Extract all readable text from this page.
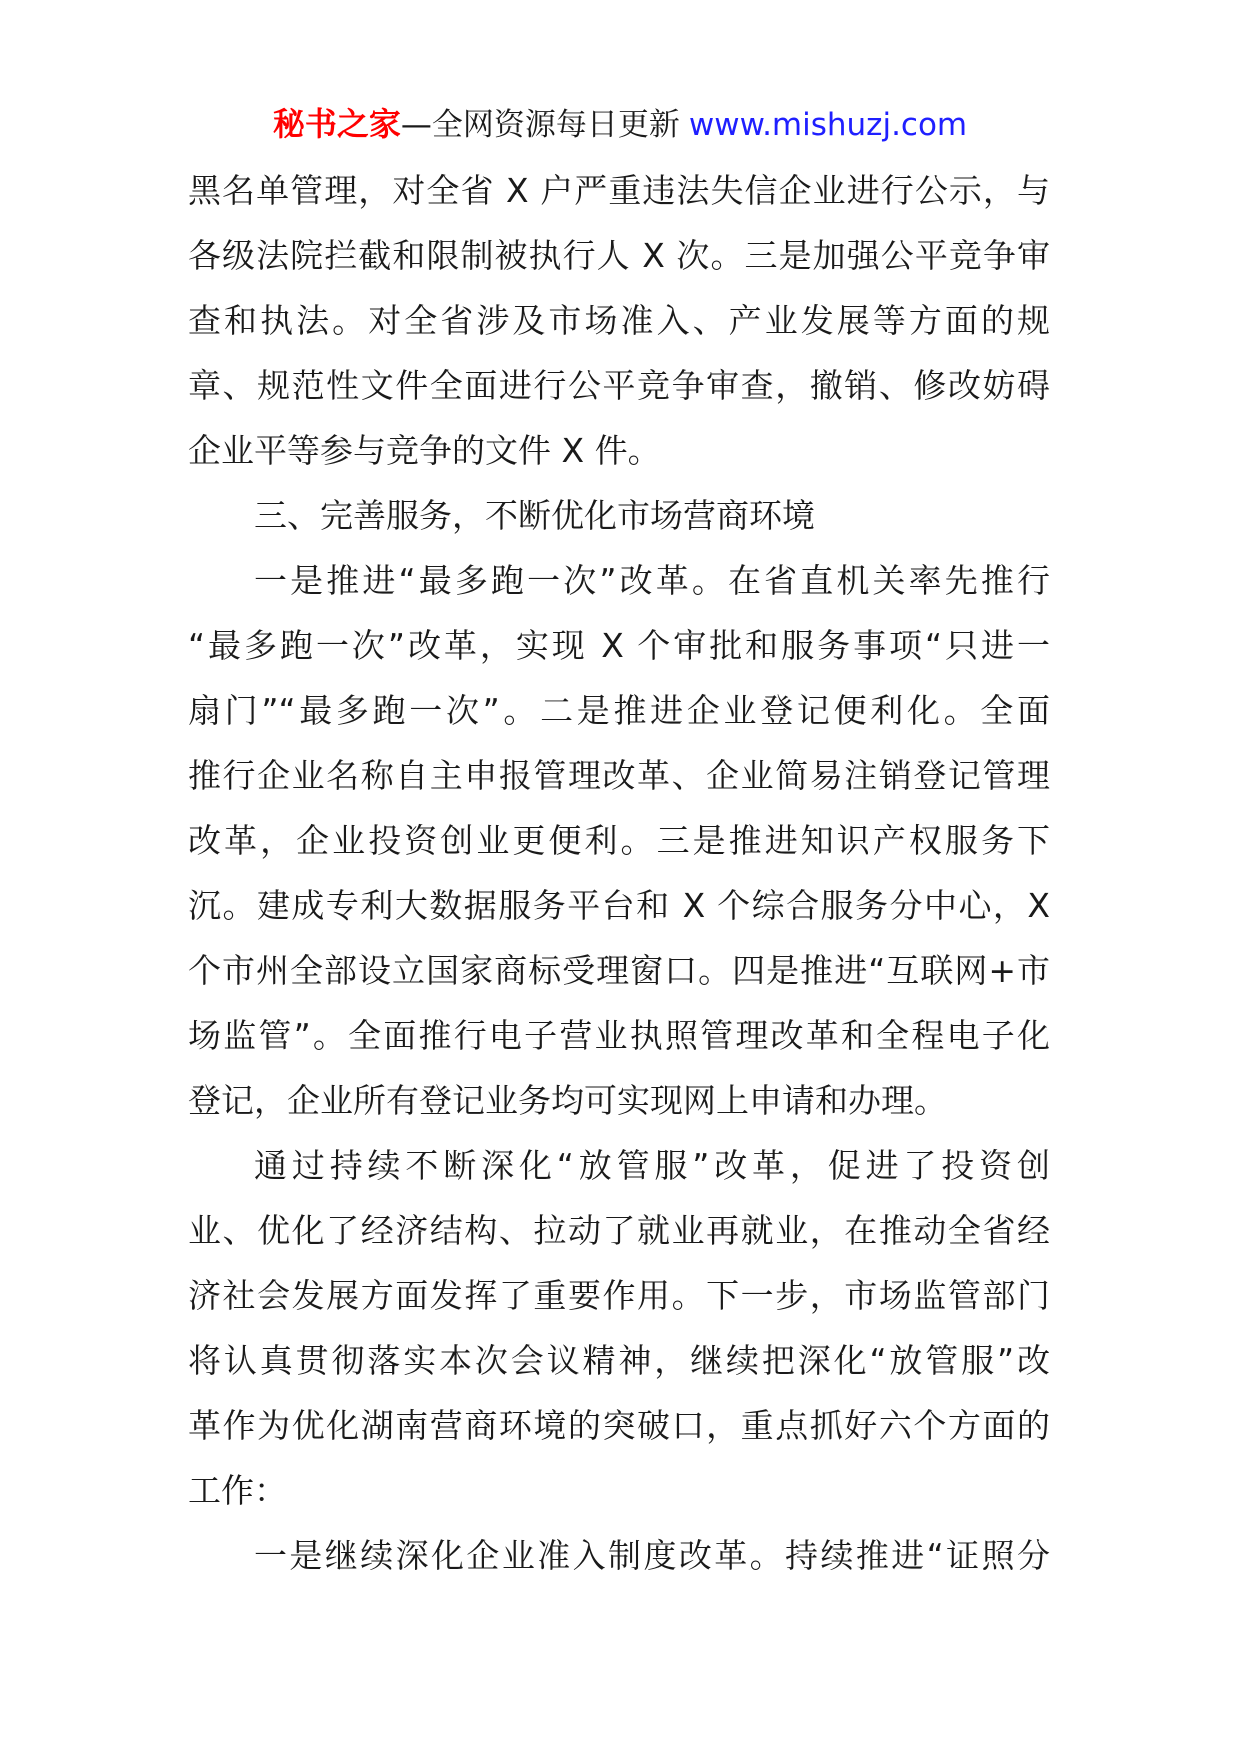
秘书之家—全网资源每日更新 www.mishuzj.com
黑名单管理，对全省 X 户严重违法失信企业进行公示，与
各级法院拦截和限制被执行人 X 次。三是加强公平竞争审
查和执法。对全省涉及市场准入、产业发展等方面的规
章、规范性文件全面进行公平竞争审查，撤销、修改妨碍
企业平等参与竞争的文件 X 件。
三、完善服务，不断优化市场营商环境
一是推进“最多跑一次”改革。在省直机关率先推行
“最多跑一次”改革，实现 X 个审批和服务事项“只进一
扇门”“最多跑一次”。二是推进企业登记便利化。全面
推行企业名称自主申报管理改革、企业简易注销登记管理
改革，企业投资创业更便利。三是推进知识产权服务下
沉。建成专利大数据服务平台和 X 个综合服务分中心，X
个市州全部设立国家商标受理窗口。四是推进“互联网+市
场监管”。全面推行电子营业执照管理改革和全程电子化
登记，企业所有登记业务均可实现网上申请和办理。
通过持续不断深化“放管服”改革，促进了投资创
业、优化了经济结构、拉动了就业再就业，在推动全省经
济社会发展方面发挥了重要作用。下一步，市场监管部门
将认真贯彻落实本次会议精神，继续把深化“放管服”改
革作为优化湖南营商环境的突破口，重点抓好六个方面的
工作：
一是继续深化企业准入制度改革。持续推进“证照分
